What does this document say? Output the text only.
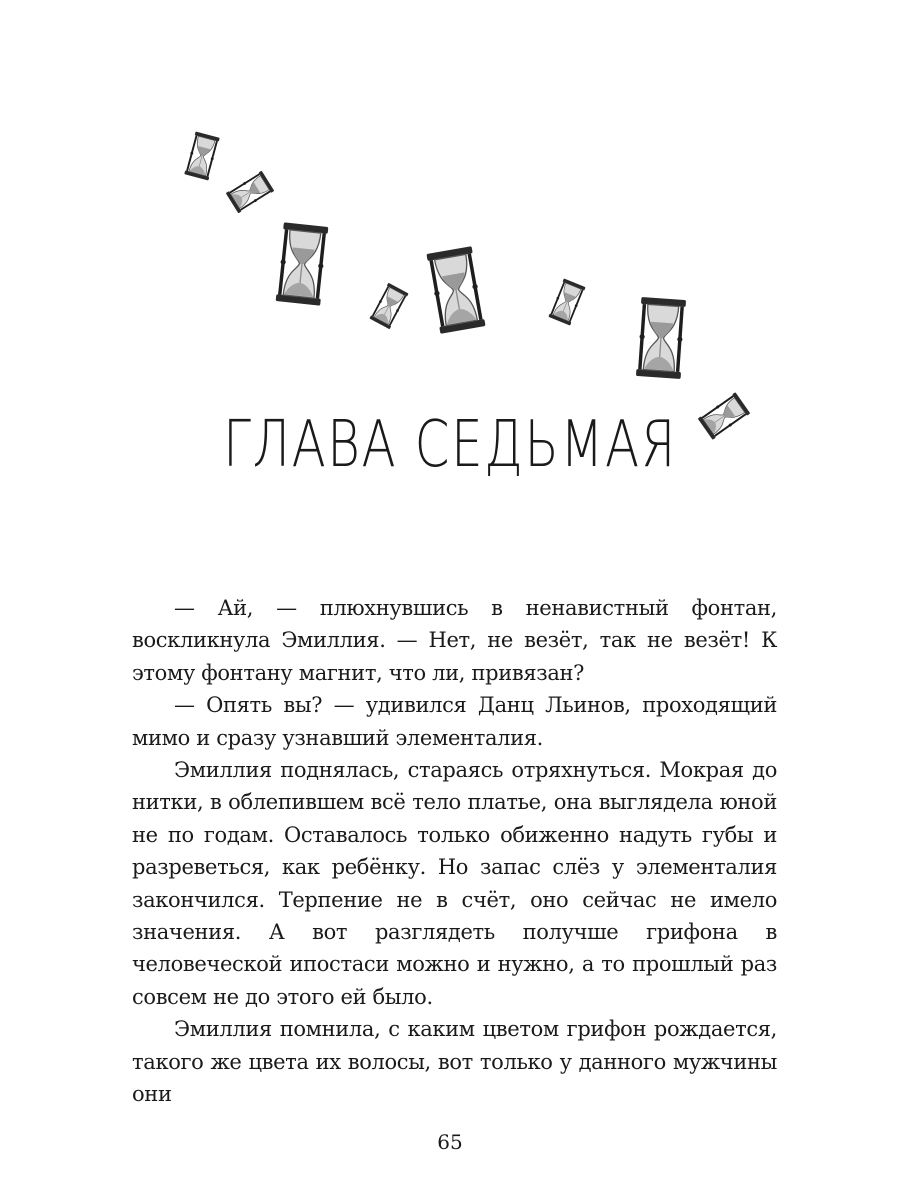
ГЛАВА СЕДЬМАЯ

— Ай, — плюхнувшись в ненавистный фонтан, воскликнула Эмиллия. — Нет, не везёт, так не везёт! К этому фонтану магнит, что ли, привязан?

— Опять вы? — удивился Данц Льинов, проходящий мимо и сразу узнавший элементалия.

Эмиллия поднялась, стараясь отряхнуться. Мокрая до нитки, в облепившем всё тело платье, она выглядела юной не по годам. Оставалось только обиженно надуть губы и разреветься, как ребёнку. Но запас слёз у элементалия закончился. Терпение не в счёт, оно сейчас не имело значения. А вот разглядеть получше грифона в человеческой ипостаси можно и нужно, а то прошлый раз совсем не до этого ей было.

Эмиллия помнила, с каким цветом грифон рождается, такого же цвета их волосы, вот только у данного мужчины они

65
